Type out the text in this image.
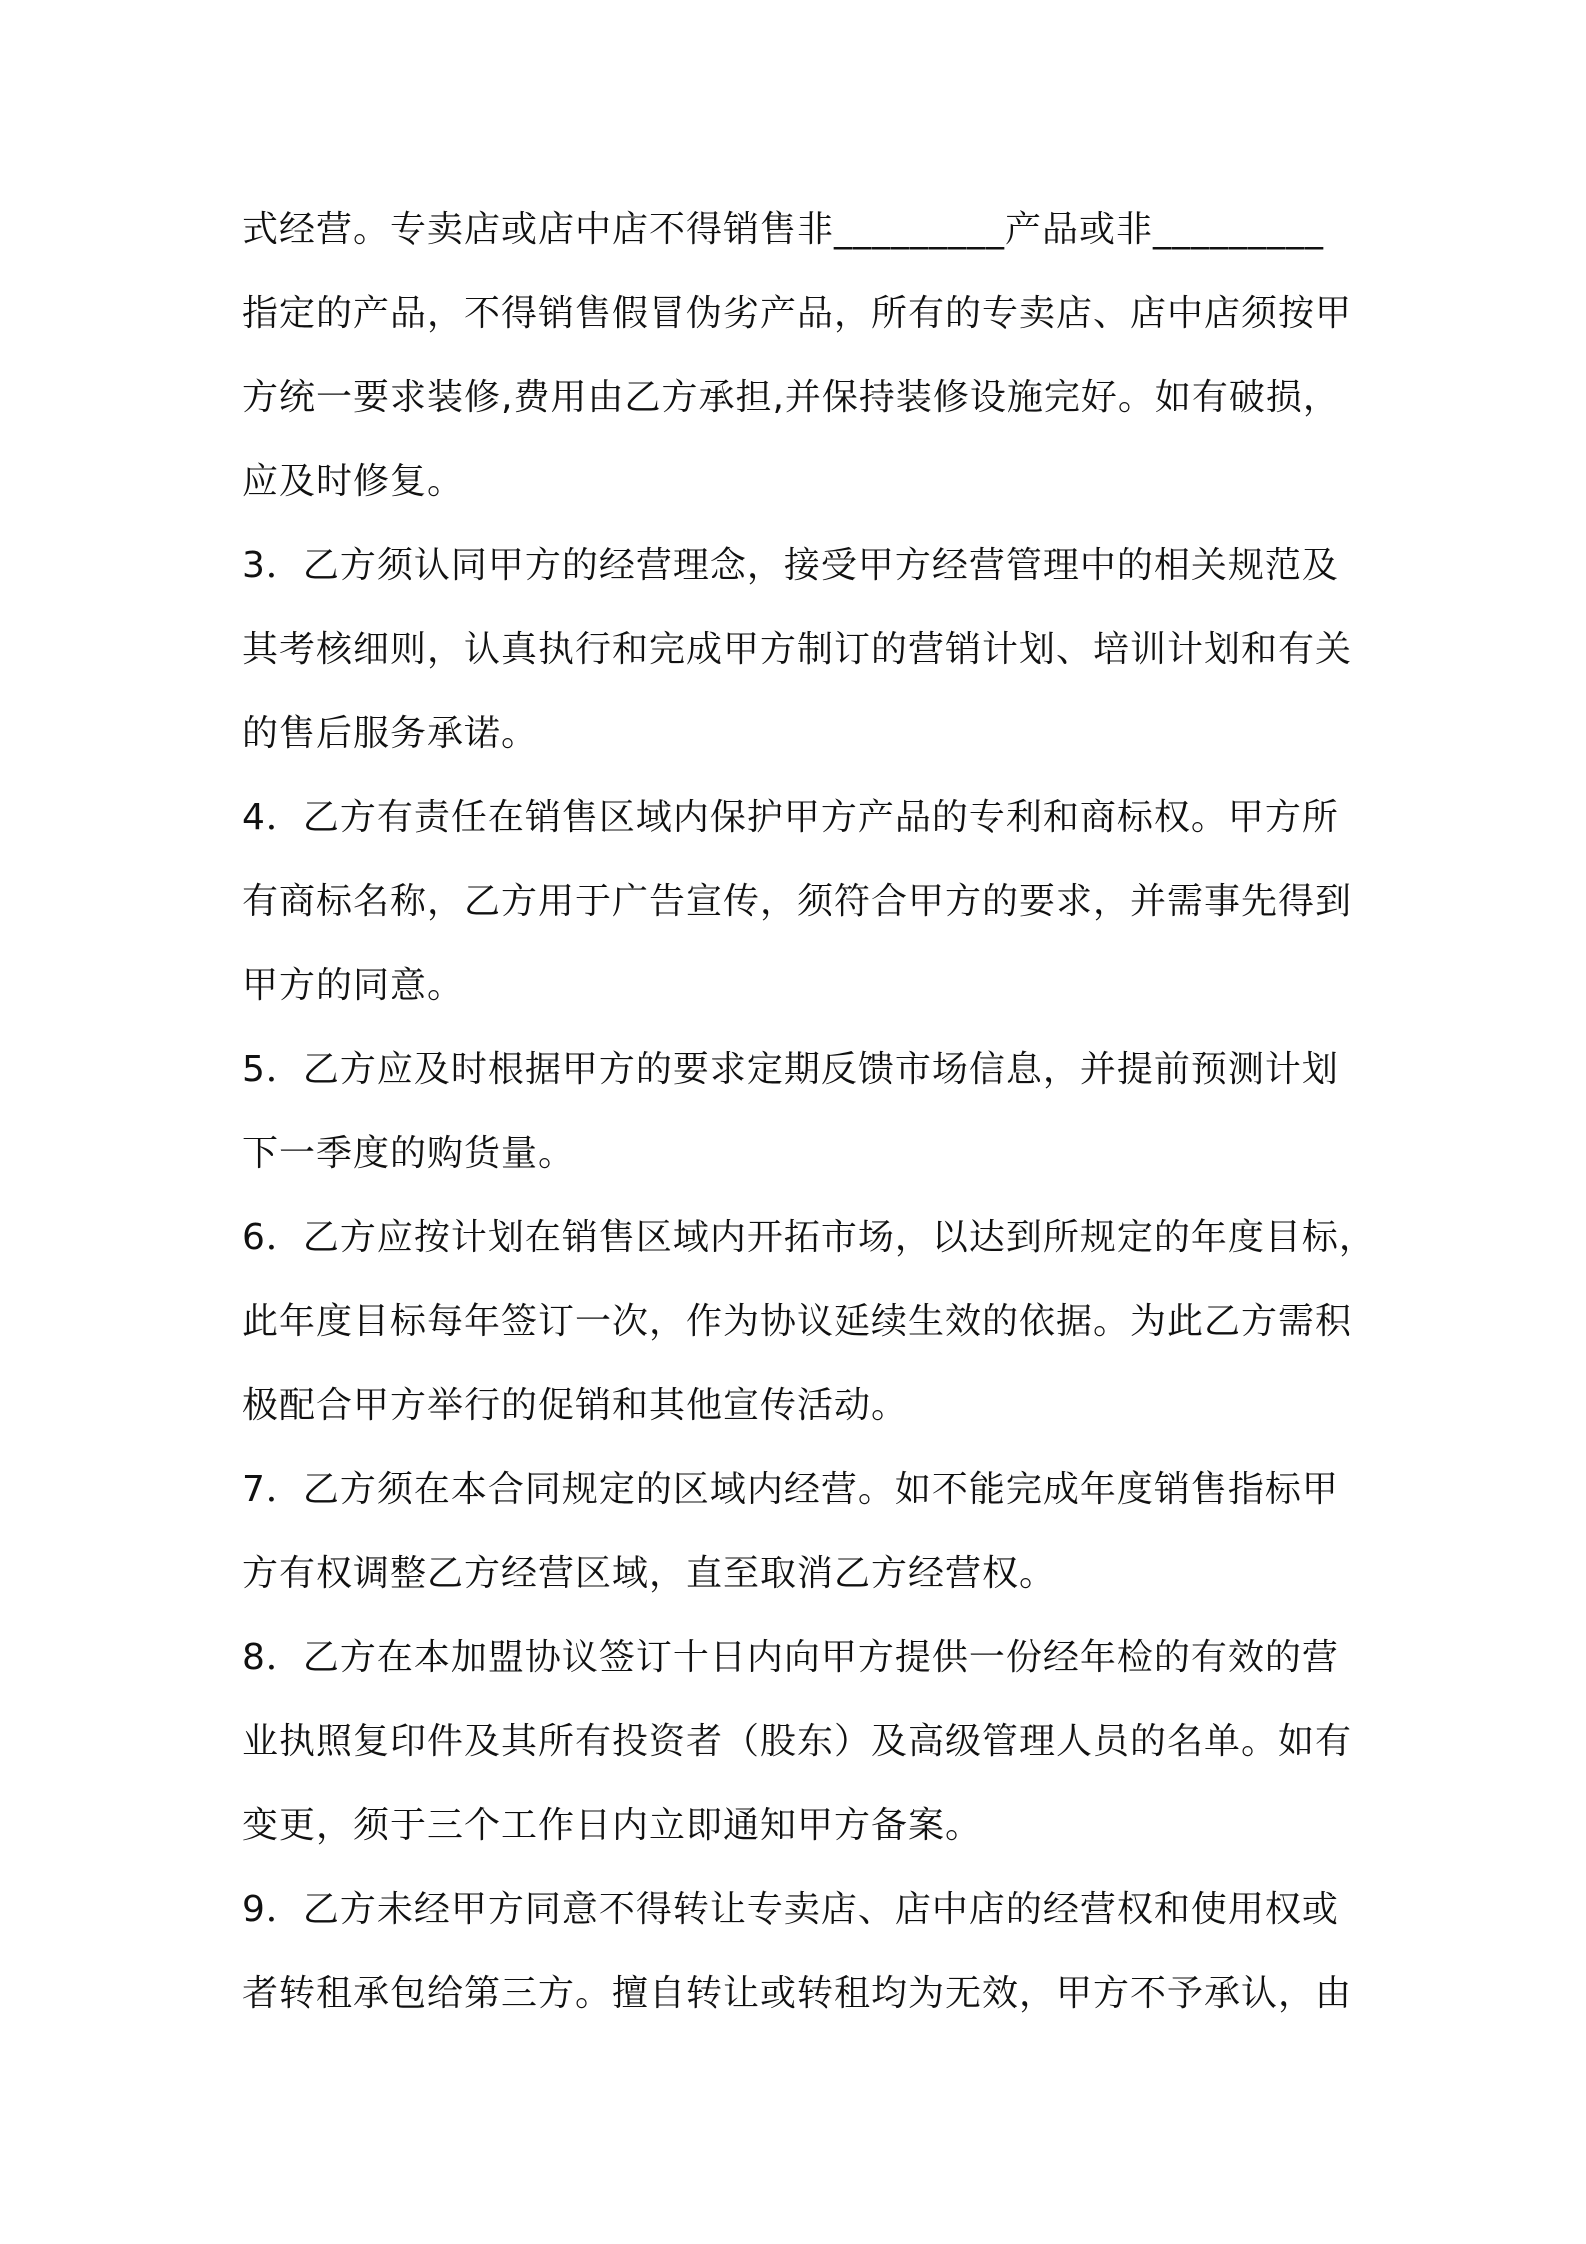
式经营。专卖店或店中店不得销售非_________产品或非_________
指定的产品，不得销售假冒伪劣产品，所有的专卖店、店中店须按甲
方统一要求装修,费用由乙方承担,并保持装修设施完好。如有破损，
应及时修复。
3．乙方须认同甲方的经营理念，接受甲方经营管理中的相关规范及
其考核细则，认真执行和完成甲方制订的营销计划、培训计划和有关
的售后服务承诺。
4．乙方有责任在销售区域内保护甲方产品的专利和商标权。甲方所
有商标名称，乙方用于广告宣传，须符合甲方的要求，并需事先得到
甲方的同意。
5．乙方应及时根据甲方的要求定期反馈市场信息，并提前预测计划
下一季度的购货量。
6．乙方应按计划在销售区域内开拓市场，以达到所规定的年度目标，
此年度目标每年签订一次，作为协议延续生效的依据。为此乙方需积
极配合甲方举行的促销和其他宣传活动。
7．乙方须在本合同规定的区域内经营。如不能完成年度销售指标甲
方有权调整乙方经营区域，直至取消乙方经营权。
8．乙方在本加盟协议签订十日内向甲方提供一份经年检的有效的营
业执照复印件及其所有投资者（股东）及高级管理人员的名单。如有
变更，须于三个工作日内立即通知甲方备案。
9．乙方未经甲方同意不得转让专卖店、店中店的经营权和使用权或
者转租承包给第三方。擅自转让或转租均为无效，甲方不予承认，由
